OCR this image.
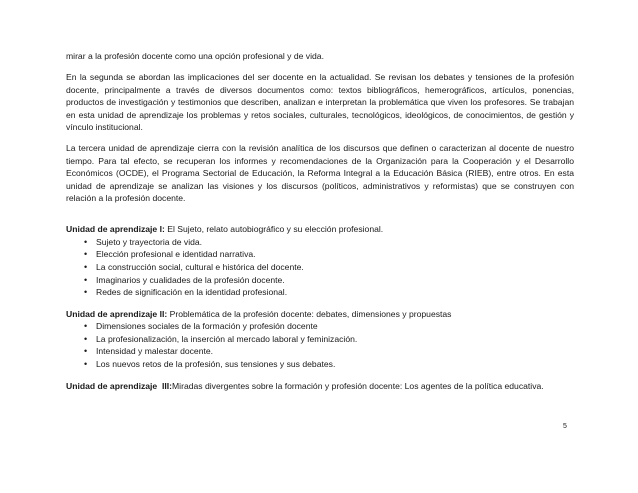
mirar a la profesión docente como una opción profesional y de vida.

En la segunda se abordan las implicaciones del ser docente en la actualidad. Se revisan los debates y tensiones de la profesión docente, principalmente a través de diversos documentos como: textos bibliográficos, hemerográficos, artículos, ponencias, productos de investigación y testimonios que describen, analizan e interpretan la problemática que viven los profesores. Se trabajan en esta unidad de aprendizaje los problemas y retos sociales, culturales, tecnológicos, ideológicos, de conocimientos, de gestión y vínculo institucional.

La tercera unidad de aprendizaje cierra con la revisión analítica de los discursos que definen o caracterizan al docente de nuestro tiempo. Para tal efecto, se recuperan los informes y recomendaciones de la Organización para la Cooperación y el Desarrollo Económicos (OCDE), el Programa Sectorial de Educación, la Reforma Integral a la Educación Básica (RIEB), entre otros. En esta unidad de aprendizaje se analizan las visiones y los discursos (políticos, administrativos y reformistas) que se construyen con relación a la profesión docente.

Unidad de aprendizaje I: El Sujeto, relato autobiográfico y su elección profesional.

• Sujeto y trayectoria de vida.
• Elección profesional e identidad narrativa.
• La construcción social, cultural e histórica del docente.
• Imaginarios y cualidades de la profesión docente.
• Redes de significación en la identidad profesional.

Unidad de aprendizaje II: Problemática de la profesión docente: debates, dimensiones y propuestas

• Dimensiones sociales de la formación y profesión docente
• La profesionalización, la inserción al mercado laboral y feminización.
• Intensidad y malestar docente.
• Los nuevos retos de la profesión, sus tensiones y sus debates.
Unidad de aprendizaje  III: Miradas divergentes sobre la formación y profesión docente: Los agentes de la política educativa.
5
